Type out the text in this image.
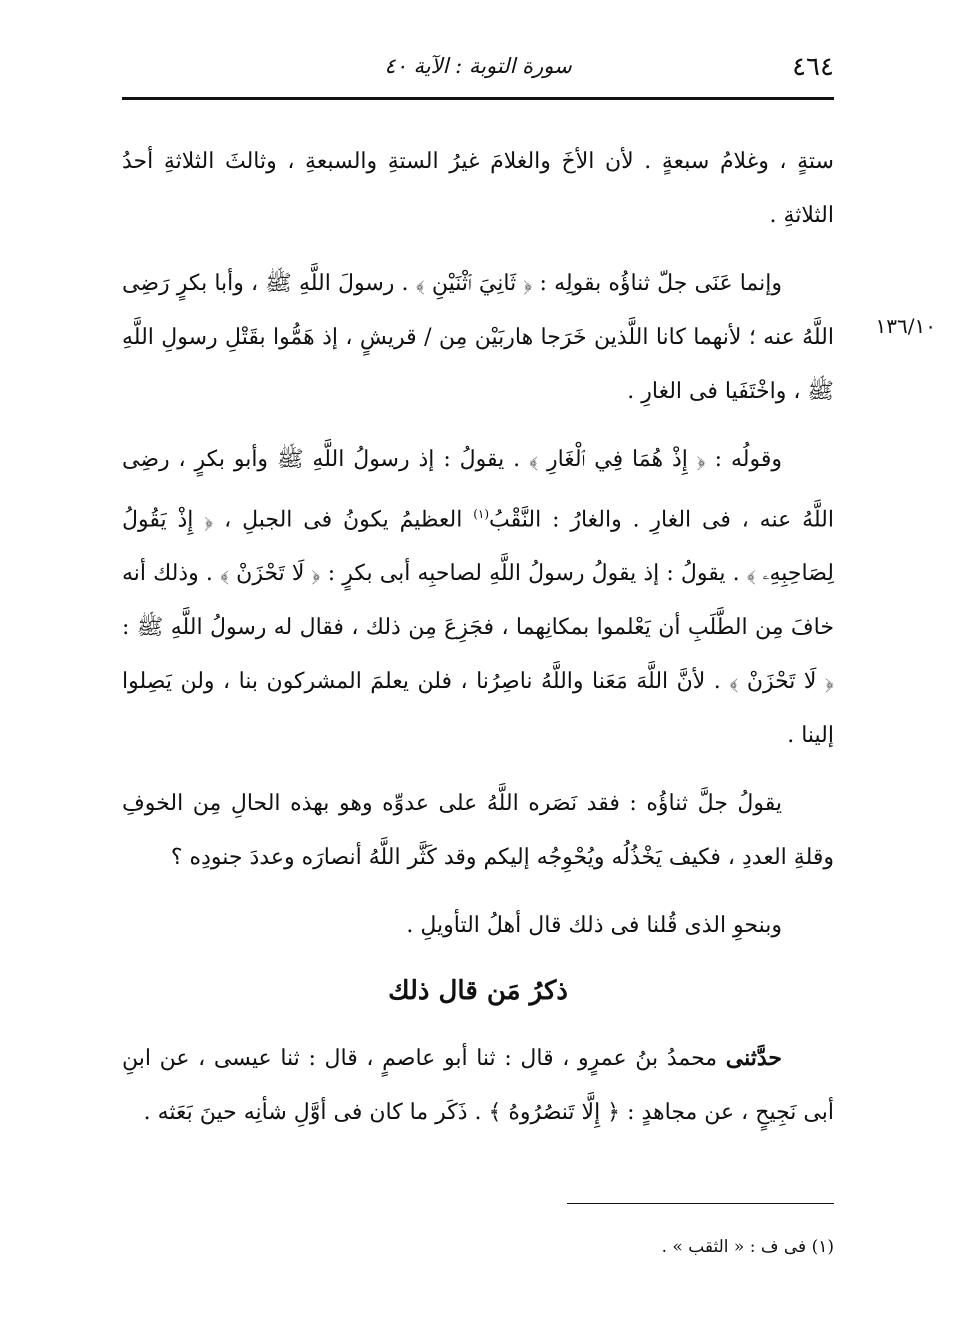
٤٦٤
سورة التوبة : الآية ٤٠
١٣٦/١٠

ستةٍ ، وغلامُ سبعةٍ . لأن الأخَ والغلامَ غيرُ الستةِ والسبعةِ ، وثالثَ الثلاثةِ أحدُ الثلاثةِ .

وإنما عَنَى جلّ ثناؤُه بقولِه : ﴿ ثَانِيَ ٱثْنَيْنِ ﴾ . رسولَ اللَّهِ ﷺ ، وأبا بكرٍ رَضِى اللَّهُ عنه ؛ لأنهما كانا اللَّذين خَرَجا هاربَيْن مِن / قريشٍ ، إذ هَمُّوا بقَتْلِ رسولِ اللَّهِ ﷺ ، واخْتَفَيا فى الغارِ .

وقولُه : ﴿ إِذْ هُمَا فِي ٱلْغَارِ ﴾ . يقولُ : إذ رسولُ اللَّهِ ﷺ وأبو بكرٍ ، رضِى اللَّهُ عنه ، فى الغارِ . والغارُ : النَّقْبُ$^{(١)}$ العظيمُ يكونُ فى الجبلِ ، ﴿ إِذْ يَقُولُ لِصَاحِبِهِۦ ﴾ . يقولُ : إذ يقولُ رسولُ اللَّهِ لصاحبِه أبى بكرٍ : ﴿ لَا تَحْزَنْ ﴾ . وذلك أنه خافَ مِن الطَّلَبِ أن يَعْلموا بمكانِهما ، فجَزِعَ مِن ذلك ، فقال له رسولُ اللَّهِ ﷺ : ﴿ لَا تَحْزَنْ ﴾ . لأنَّ اللَّهَ مَعَنا واللَّهُ ناصِرُنا ، فلن يعلمَ المشركون بنا ، ولن يَصِلوا إلينا .

يقولُ جلَّ ثناؤُه : فقد نَصَره اللَّهُ على عدوِّه وهو بهذه الحالِ مِن الخوفِ وقلةِ العددِ ، فكيف يَخْذُلُه ويُحْوِجُه إليكم وقد كَثَّر اللَّهُ أنصارَه وعددَ جنودِه ؟

وبنحوِ الذى قُلنا فى ذلك قال أهلُ التأويلِ .

ذكرُ مَن قال ذلك

حدَّثنى محمدُ بنُ عمرٍو ، قال : ثنا أبو عاصمٍ ، قال : ثنا عيسى ، عن ابنِ أبى نَجِيحٍ ، عن مجاهدٍ : ﴿ إِلَّا تَنصُرُوهُ ﴾ . ذَكَر ما كان فى أوَّلِ شأنِه حينَ بَعَثه .

(١) فى ف : « الثقب » .
